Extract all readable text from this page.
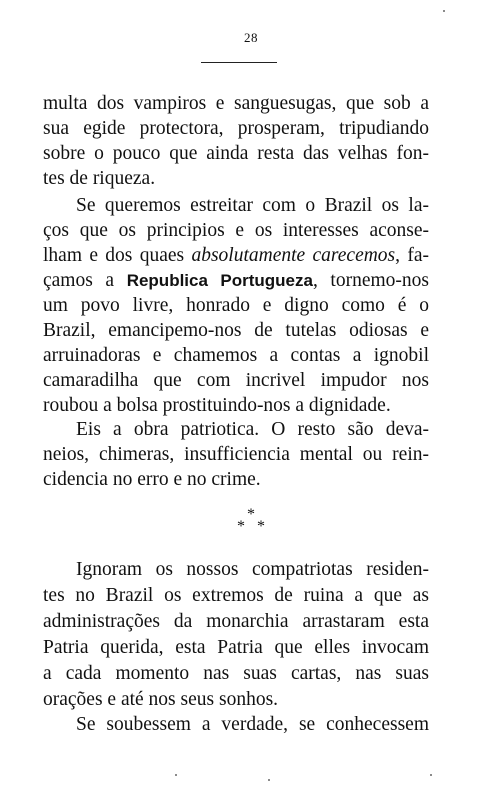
28
multa dos vampiros e sanguesugas, que sob a
sua egide protectora, prosperam, tripudiando
sobre o pouco que ainda resta das velhas fon-
tes de riqueza.
Se queremos estreitar com o Brazil os la-
ços que os principios e os interesses aconse-
lham e dos quaes absolutamente carecemos, fa-
çamos a Republica Portugueza, tornemo-nos
um povo livre, honrado e digno como é o
Brazil, emancipemo-nos de tutelas odiosas e
arruinadoras e chamemos a contas a ignobil
camaradilha que com incrivel impudor nos
roubou a bolsa prostituindo-nos a dignidade.
Eis a obra patriotica. O resto são deva-
neios, chimeras, insufficiencia mental ou rein-
cidencia no erro e no crime.
*
*   *
Ignoram os nossos compatriotas residen-
tes no Brazil os extremos de ruina a que as
administrações da monarchia arrastaram esta
Patria querida, esta Patria que elles invocam
a cada momento nas suas cartas, nas suas
orações e até nos seus sonhos.
Se soubessem a verdade, se conhecessem
